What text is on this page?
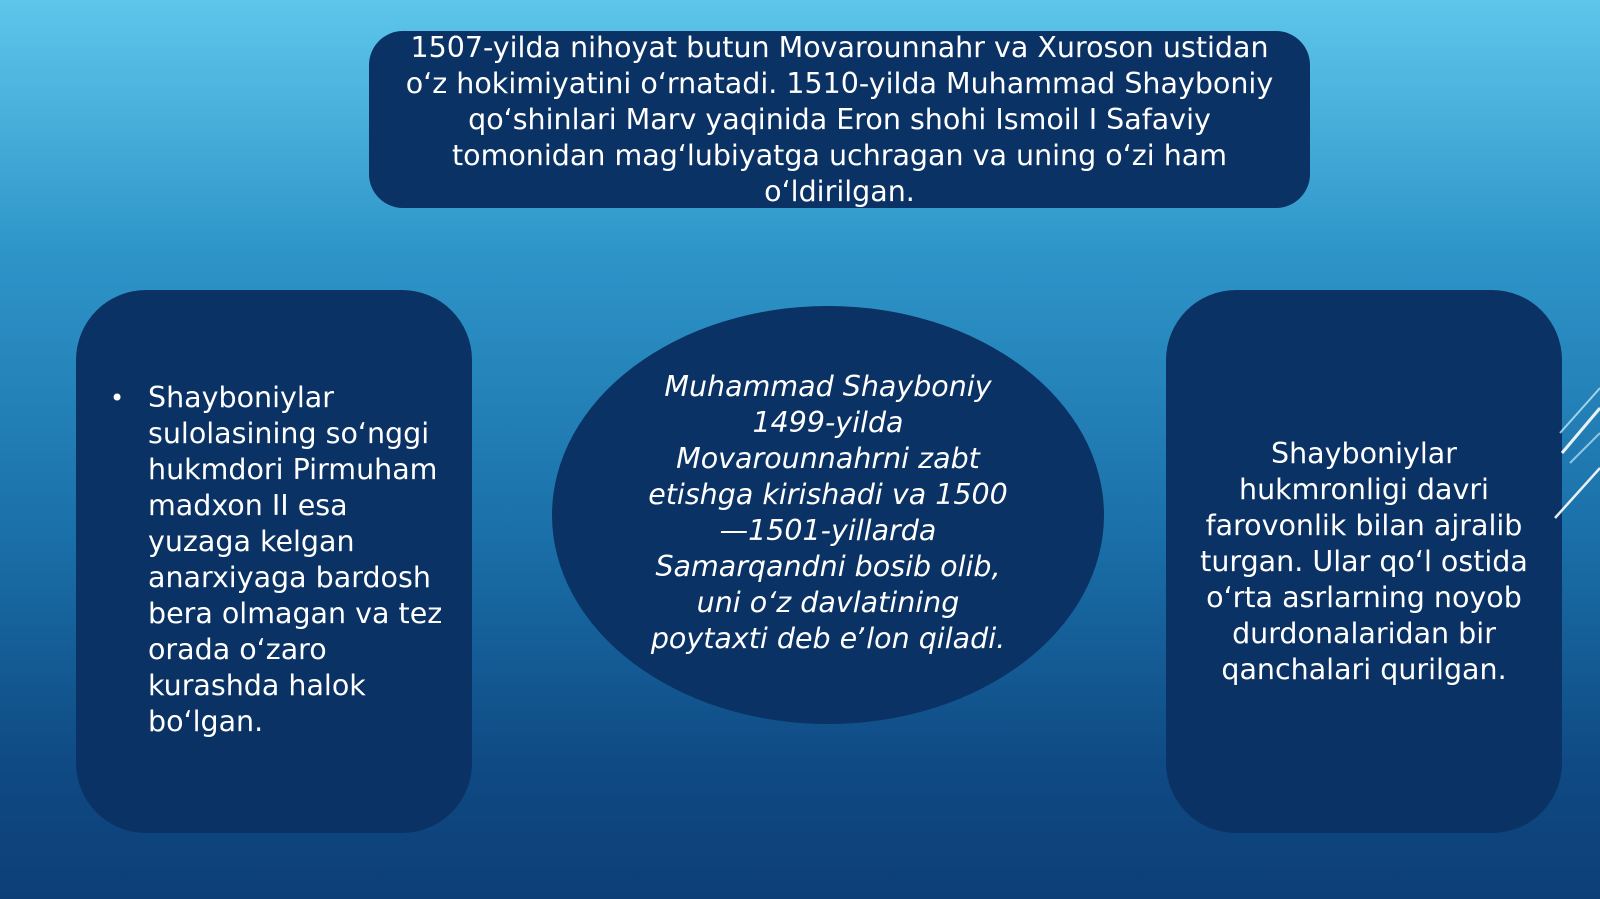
1507-yilda nihoyat butun Movarounnahr va Xuroson ustidan oʻz hokimiyatini oʻrnatadi. 1510-yilda Muhammad Shayboniy qoʻshinlari Marv yaqinida Eron shohi Ismoil I Safaviy tomonidan magʻlubiyatga uchragan va uning oʻzi ham oʻldirilgan.
• Shayboniylar sulolasining soʻnggi hukmdori Pirmuham madxon II esa yuzaga kelgan anarxiyaga bardosh bera olmagan va tez orada oʻzaro kurashda halok boʻlgan.
Muhammad Shayboniy 1499-yilda Movarounnahrni zabt etishga kirishadi va 1500—1501-yillarda Samarqandni bosib olib, uni oʻz davlatining poytaxti deb eʼlon qiladi.
Shayboniylar hukmronligi davri farovonlik bilan ajralib turgan. Ular qoʻl ostida oʻrta asrlarning noyob durdonalaridan bir qanchalari qurilgan.
